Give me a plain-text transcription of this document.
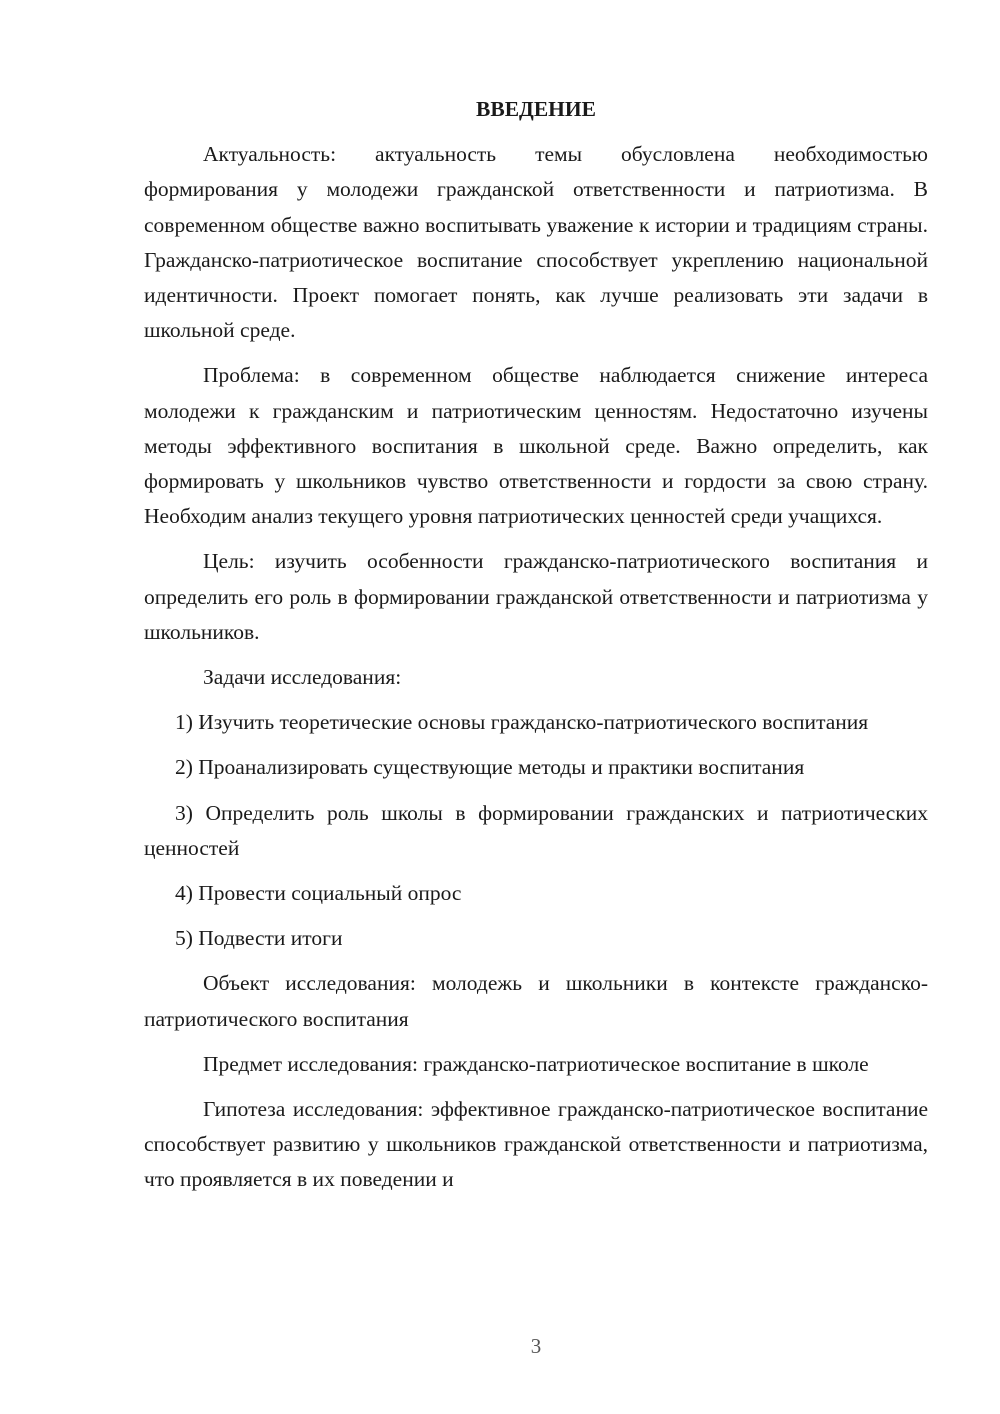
ВВЕДЕНИЕ

Актуальность: актуальность темы обусловлена необходимостью формирования у молодежи гражданской ответственности и патриотизма. В современном обществе важно воспитывать уважение к истории и традициям страны. Гражданско-патриотическое воспитание способствует укреплению национальной идентичности. Проект помогает понять, как лучше реализовать эти задачи в школьной среде.

Проблема: в современном обществе наблюдается снижение интереса молодежи к гражданским и патриотическим ценностям. Недостаточно изучены методы эффективного воспитания в школьной среде. Важно определить, как формировать у школьников чувство ответственности и гордости за свою страну. Необходим анализ текущего уровня патриотических ценностей среди учащихся.

Цель: изучить особенности гражданско-патриотического воспитания и определить его роль в формировании гражданской ответственности и патриотизма у школьников.

Задачи исследования:

1) Изучить теоретические основы гражданско-патриотического воспитания

2) Проанализировать существующие методы и практики воспитания

3) Определить роль школы в формировании гражданских и патриотических ценностей

4) Провести социальный опрос

5) Подвести итоги

Объект исследования: молодежь и школьники в контексте гражданско-патриотического воспитания

Предмет исследования: гражданско-патриотическое воспитание в школе

Гипотеза исследования: эффективное гражданско-патриотическое воспитание способствует развитию у школьников гражданской ответственности и патриотизма, что проявляется в их поведении и

3
